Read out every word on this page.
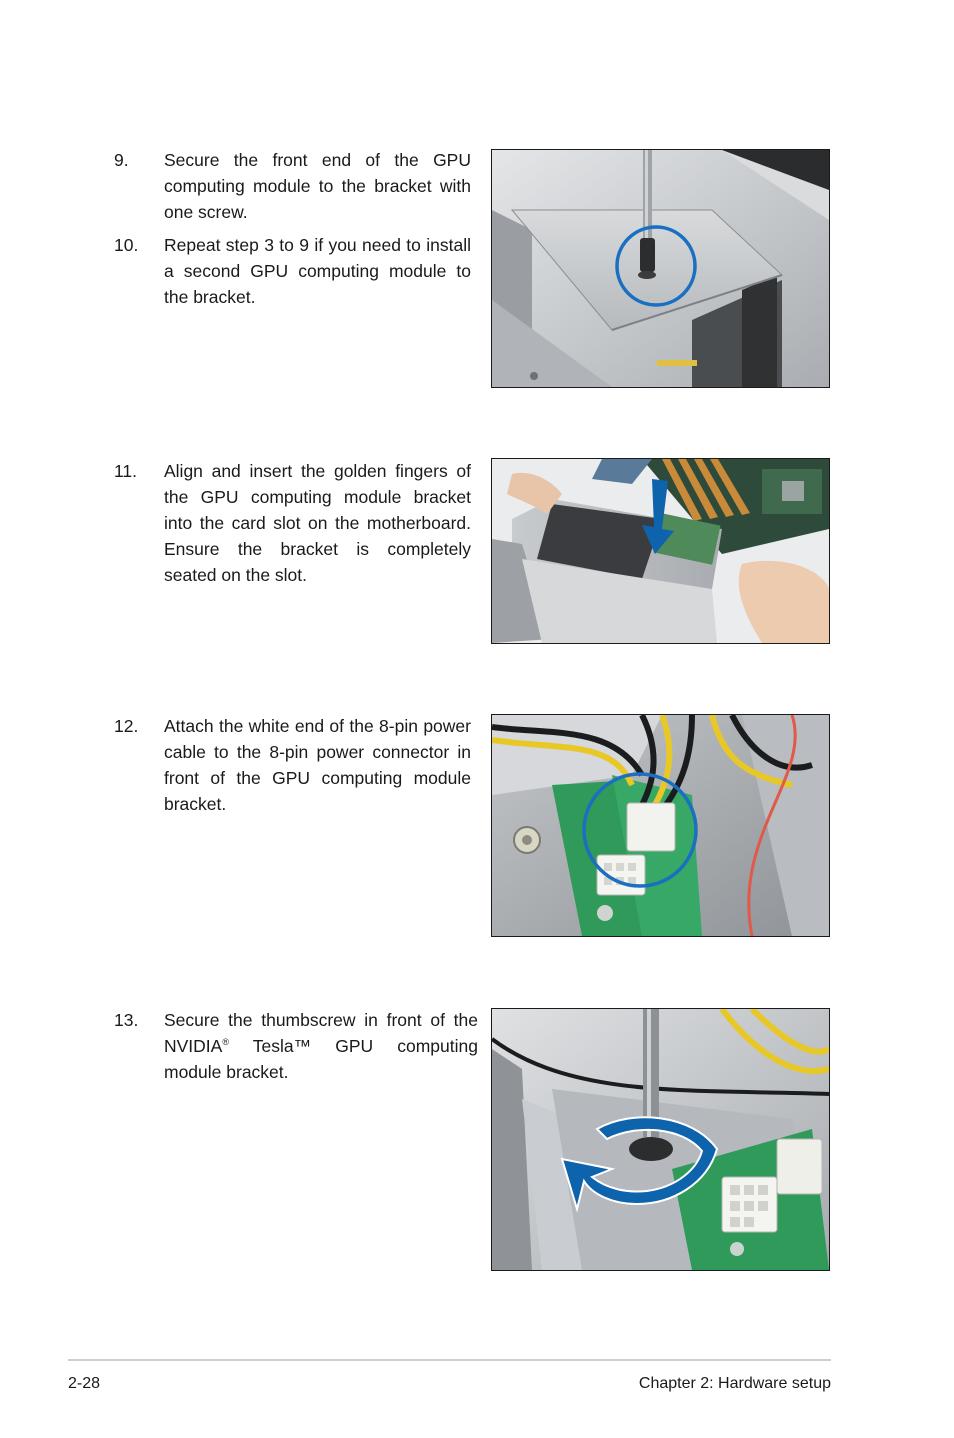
9. Secure the front end of the GPU computing module to the bracket with one screw.
10. Repeat step 3 to 9 if you need to install a second GPU computing module to the bracket.
11. Align and insert the golden fingers of the GPU computing module bracket into the card slot on the motherboard. Ensure the bracket is completely seated on the slot.
12. Attach the white end of the 8-pin power cable to the 8-pin power connector in front of the GPU computing module bracket.
13. Secure the thumbscrew in front of the NVIDIA® Tesla™ GPU computing module bracket.
2-28	Chapter 2: Hardware setup
